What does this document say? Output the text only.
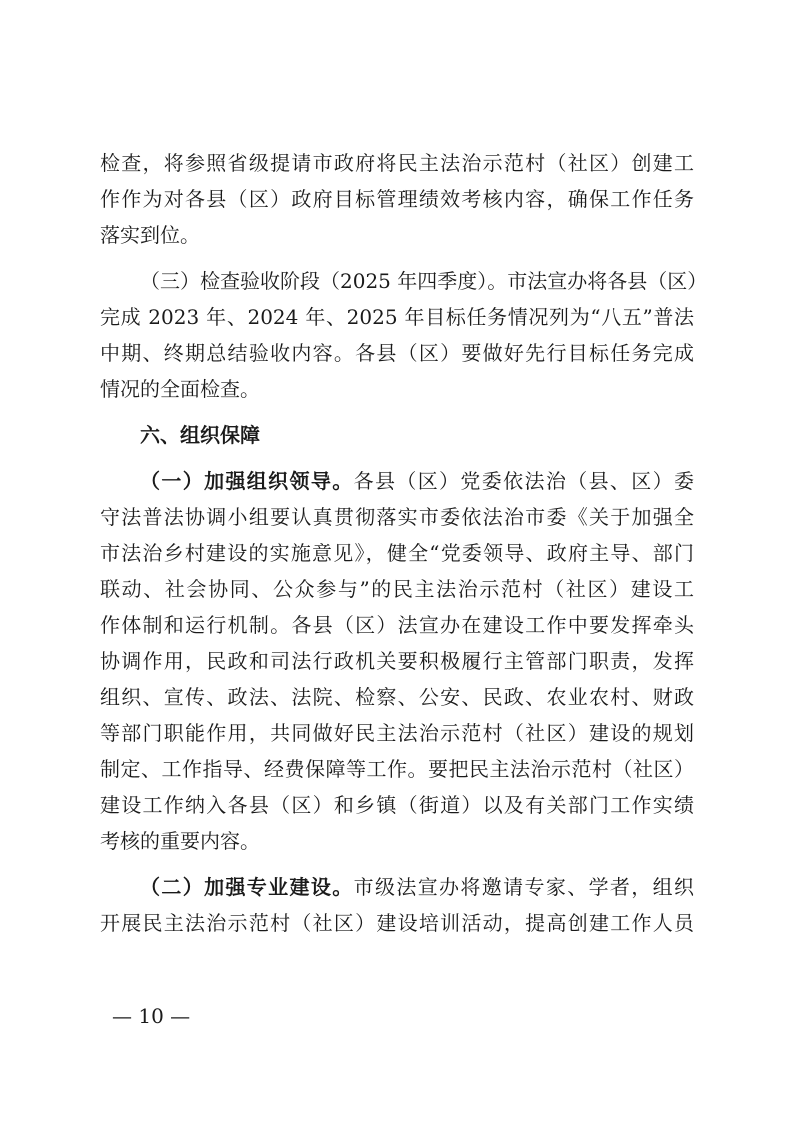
检查，将参照省级提请市政府将民主法治示范村（社区）创建工
作作为对各县（区）政府目标管理绩效考核内容，确保工作任务
落实到位。
（三）检查验收阶段（2025 年四季度）。市法宣办将各县（区）
完成 2023 年、2024 年、2025 年目标任务情况列为“八五”普法
中期、终期总结验收内容。各县（区）要做好先行目标任务完成
情况的全面检查。
六、组织保障
（一）加强组织领导。各县（区）党委依法治（县、区）委
守法普法协调小组要认真贯彻落实市委依法治市委《关于加强全
市法治乡村建设的实施意见》，健全“党委领导、政府主导、部门
联动、社会协同、公众参与”的民主法治示范村（社区）建设工
作体制和运行机制。各县（区）法宣办在建设工作中要发挥牵头
协调作用，民政和司法行政机关要积极履行主管部门职责，发挥
组织、宣传、政法、法院、检察、公安、民政、农业农村、财政
等部门职能作用，共同做好民主法治示范村（社区）建设的规划
制定、工作指导、经费保障等工作。要把民主法治示范村（社区）
建设工作纳入各县（区）和乡镇（街道）以及有关部门工作实绩
考核的重要内容。
（二）加强专业建设。市级法宣办将邀请专家、学者，组织
开展民主法治示范村（社区）建设培训活动，提高创建工作人员
— 10 —
